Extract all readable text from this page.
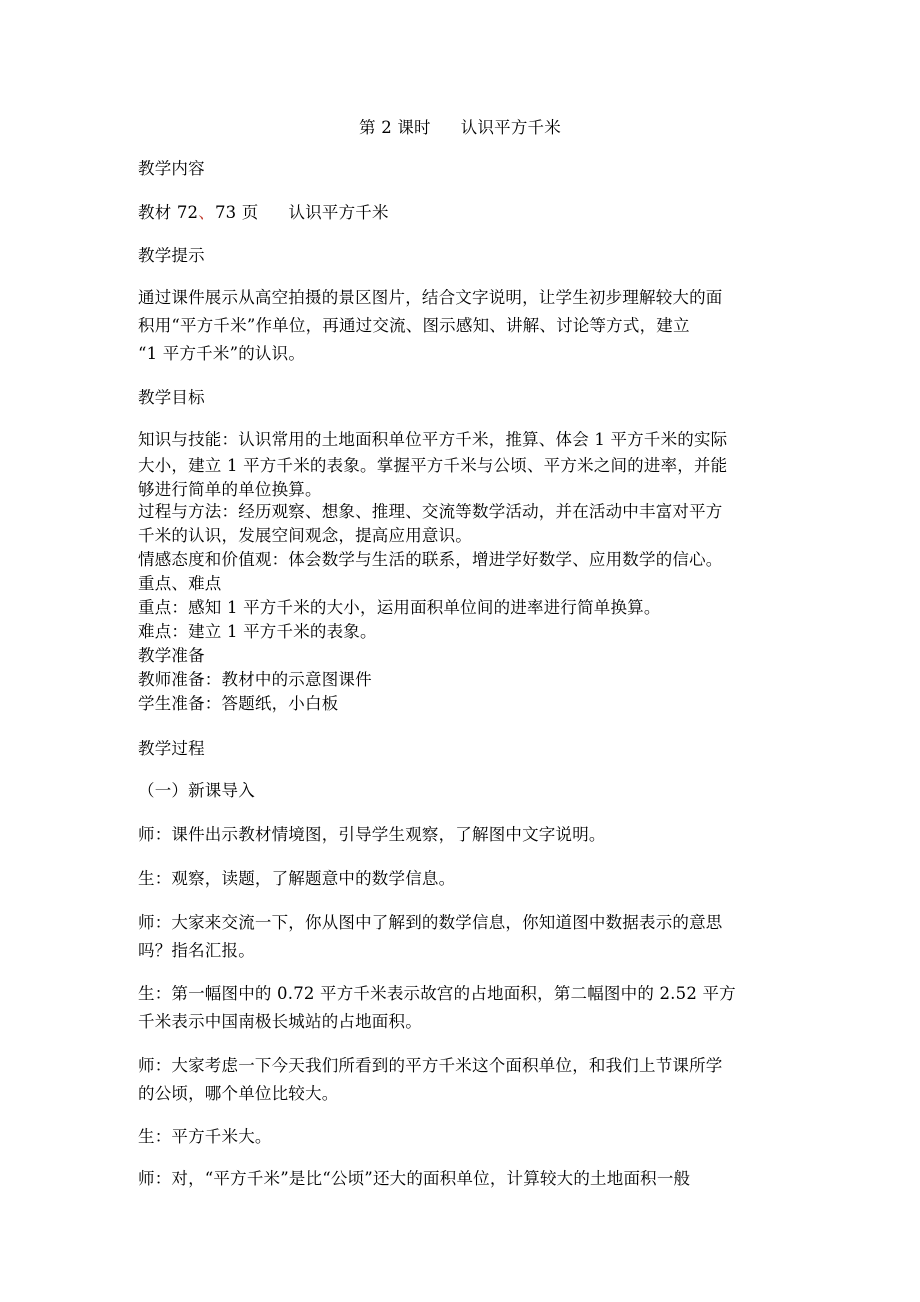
第 2 课时 认识平方千米
教学内容
教材 72、73 页 认识平方千米
教学提示
通过课件展示从高空拍摄的景区图片，结合文字说明，让学生初步理解较大的面
积用“平方千米”作单位，再通过交流、图示感知、讲解、讨论等方式，建立
“1 平方千米”的认识。
教学目标
知识与技能：认识常用的土地面积单位平方千米，推算、体会 1 平方千米的实际
大小，建立 1 平方千米的表象。掌握平方千米与公顷、平方米之间的进率，并能
够进行简单的单位换算。
过程与方法：经历观察、想象、推理、交流等数学活动，并在活动中丰富对平方
千米的认识，发展空间观念，提高应用意识。
情感态度和价值观：体会数学与生活的联系，增进学好数学、应用数学的信心。
重点、难点
重点：感知 1 平方千米的大小，运用面积单位间的进率进行简单换算。
难点：建立 1 平方千米的表象。
教学准备
教师准备：教材中的示意图课件
学生准备：答题纸，小白板
教学过程
（一）新课导入
师：课件出示教材情境图，引导学生观察，了解图中文字说明。
生：观察，读题，了解题意中的数学信息。
师：大家来交流一下，你从图中了解到的数学信息，你知道图中数据表示的意思
吗？指名汇报。
生：第一幅图中的 0.72 平方千米表示故宫的占地面积，第二幅图中的 2.52 平方
千米表示中国南极长城站的占地面积。
师：大家考虑一下今天我们所看到的平方千米这个面积单位，和我们上节课所学
的公顷，哪个单位比较大。
生：平方千米大。
师：对，“平方千米”是比“公顷”还大的面积单位，计算较大的土地面积一般
